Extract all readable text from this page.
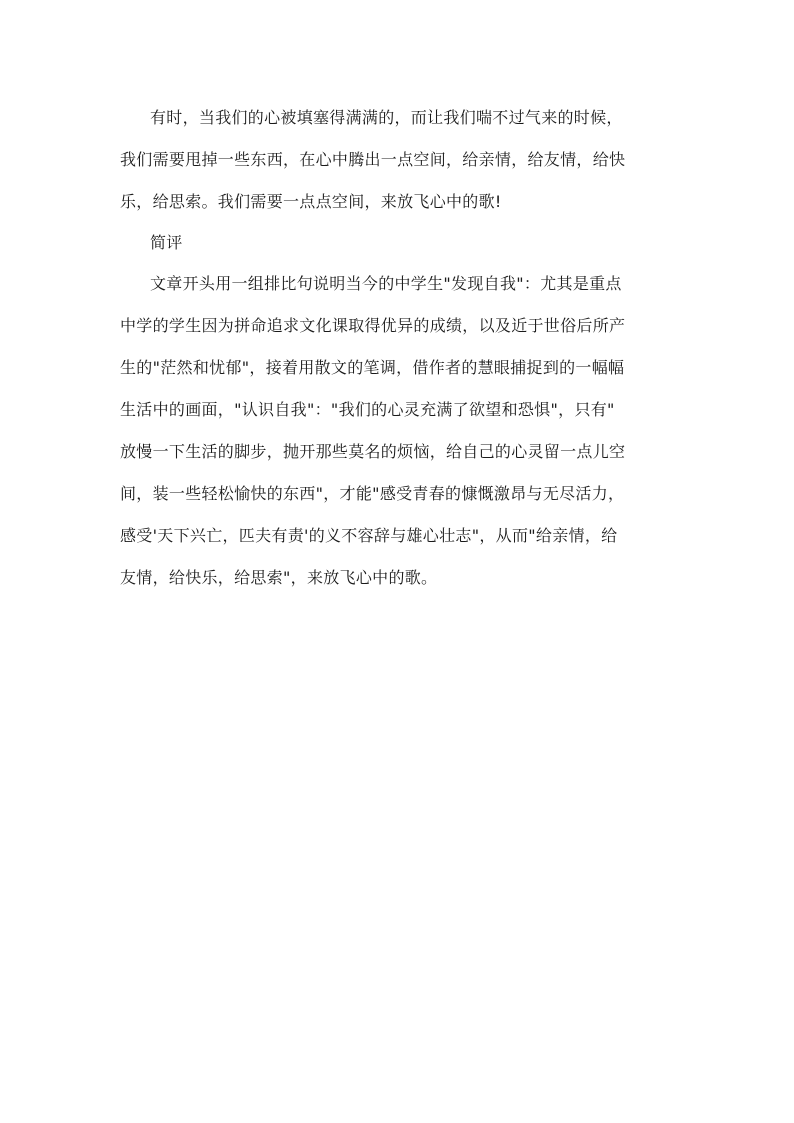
有时，当我们的心被填塞得满满的，而让我们喘不过气来的时候，
我们需要甩掉一些东西，在心中腾出一点空间，给亲情，给友情，给快
乐，给思索。我们需要一点点空间，来放飞心中的歌!
简评
文章开头用一组排比句说明当今的中学生"发现自我"：尤其是重点
中学的学生因为拼命追求文化课取得优异的成绩，以及近于世俗后所产
生的"茫然和忧郁"，接着用散文的笔调，借作者的慧眼捕捉到的一幅幅
生活中的画面，"认识自我"："我们的心灵充满了欲望和恐惧"，只有"
放慢一下生活的脚步，抛开那些莫名的烦恼，给自己的心灵留一点儿空
间，装一些轻松愉快的东西"，才能"感受青春的慷慨激昂与无尽活力，
感受'天下兴亡，匹夫有责'的义不容辞与雄心壮志"，从而"给亲情，给
友情，给快乐，给思索"，来放飞心中的歌。
